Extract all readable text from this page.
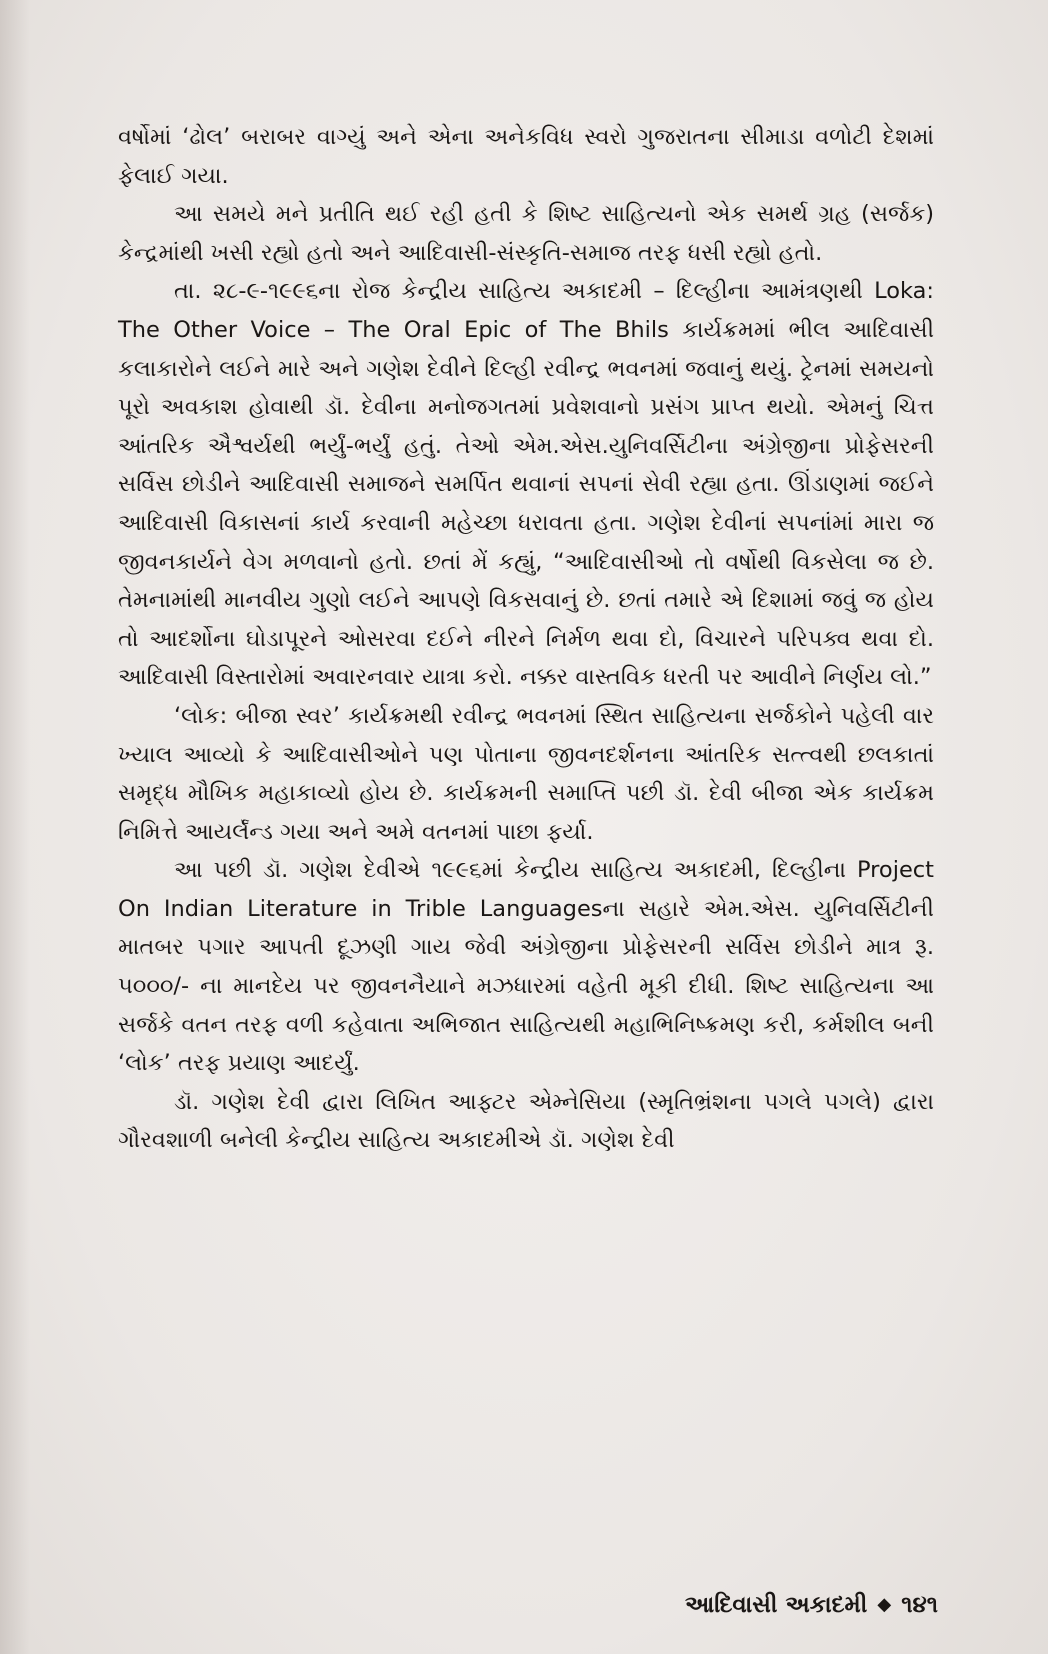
વર્ષોમાં ‘ઢોલ’ બરાબર વાગ્યું અને એના અનેકવિધ સ્વરો ગુજરાતના સીમાડા વળોટી દેશમાં ફેલાઈ ગયા.

આ સમયે મને પ્રતીતિ થઈ રહી હતી કે શિષ્ટ સાહિત્યનો એક સમર્થ ગ્રહ (સર્જક) કેન્દ્રમાંથી ખસી રહ્યો હતો અને આદિવાસી-સંસ્કૃતિ-સમાજ તરફ ધસી રહ્યો હતો.

તા. ૨૮-૯-૧૯૯૬ના રોજ કેન્દ્રીય સાહિત્ય અકાદમી – દિલ્હીના આમંત્રણથી Loka: The Other Voice – The Oral Epic of The Bhils કાર્યક્રમમાં ભીલ આદિવાસી કલાકારોને લઈને મારે અને ગણેશ દેવીને દિલ્હી રવીન્દ્ર ભવનમાં જવાનું થયું. ટ્રેનમાં સમયનો પૂરો અવકાશ હોવાથી ડૉ. દેવીના મનોજગતમાં પ્રવેશવાનો પ્રસંગ પ્રાપ્ત થયો. એમનું ચિત્ત આંતરિક ઐશ્વર્યથી ભર્યું-ભર્યું હતું. તેઓ એમ.એસ.યુનિવર્સિટીના અંગ્રેજીના પ્રોફેસરની સર્વિસ છોડીને આદિવાસી સમાજને સમર્પિત થવાનાં સપનાં સેવી રહ્યા હતા. ઊંડાણમાં જઈને આદિવાસી વિકાસનાં કાર્ય કરવાની મહેચ્છા ધરાવતા હતા. ગણેશ દેવીનાં સપનાંમાં મારા જ જીવનકાર્યને વેગ મળવાનો હતો. છતાં મેં કહ્યું, “આદિવાસીઓ તો વર્ષોથી વિકસેલા જ છે. તેમનામાંથી માનવીય ગુણો લઈને આપણે વિકસવાનું છે. છતાં તમારે એ દિશામાં જવું જ હોય તો આદર્શોના ઘોડાપૂરને ઓસરવા દઈને નીરને નિર્મળ થવા દો, વિચારને પરિપક્વ થવા દો. આદિવાસી વિસ્તારોમાં અવારનવાર યાત્રા કરો. નક્કર વાસ્તવિક ધરતી પર આવીને નિર્ણય લો.”

‘લોક: બીજા સ્વર’ કાર્યક્રમથી રવીન્દ્ર ભવનમાં સ્થિત સાહિત્યના સર્જકોને પહેલી વાર ખ્યાલ આવ્યો કે આદિવાસીઓને પણ પોતાના જીવનદર્શનના આંતરિક સત્ત્વથી છલકાતાં સમૃદ્ધ મૌખિક મહાકાવ્યો હોય છે. કાર્યક્રમની સમાપ્તિ પછી ડૉ. દેવી બીજા એક કાર્યક્રમ નિમિત્તે આયર્લૅન્ડ ગયા અને અમે વતનમાં પાછા ફર્યા.

આ પછી ડૉ. ગણેશ દેવીએ ૧૯૯૬માં કેન્દ્રીય સાહિત્ય અકાદમી, દિલ્હીના Project On Indian Literature in Trible Languagesના સહારે એમ.એસ. યુનિવર્સિટીની માતબર પગાર આપતી દૂઝણી ગાય જેવી અંગ્રેજીના પ્રોફેસરની સર્વિસ છોડીને માત્ર રૂ. ૫૦૦૦/- ના માનદેય પર જીવનનૈયાને મઝધારમાં વહેતી મૂકી દીધી. શિષ્ટ સાહિત્યના આ સર્જકે વતન તરફ વળી કહેવાતા અભિજાત સાહિત્યથી મહાભિનિષ્ક્રમણ કરી, કર્મશીલ બની ‘લોક’ તરફ પ્રયાણ આદર્યું.

ડૉ. ગણેશ દેવી દ્વારા લિખિત આફ્ટર એમ્નેસિયા (સ્મૃતિભ્રંશના પગલે પગલે) દ્વારા ગૌરવશાળી બનેલી કેન્દ્રીય સાહિત્ય અકાદમીએ ડૉ. ગણેશ દેવી

આદિવાસી અકાદમી ◆ ૧૪૧
